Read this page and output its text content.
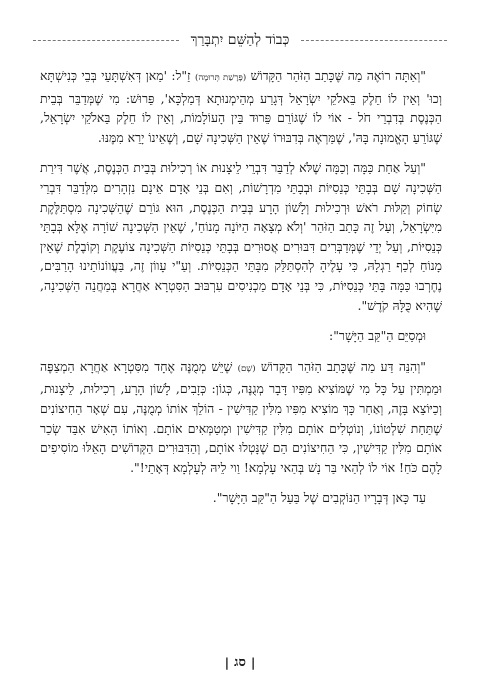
כְּבוֹד לְהַשֵּׁם יִתְבָּרַךְ

"וְאַתָּה רוֹאֶה מַה שֶּׁכָּתַב הַזֹּהַר הַקָּדוֹשׁ (פָּרָשַׁת תְּרוּמָה) זַ"ל: 'מַאן דְּאִשְׁתָּעֵי בְּבֵי כְּנִישְׁתָּא וְכוּ' וְאֵין לוֹ חֵלֶק בֵּאלֹקֵי יִשְׂרָאֵל דְּגָרַע מְהֵימְנוּתָא דְּמַלְכָּא', פֵּרוּשׁ: מִי שֶׁמְּדַבֵּר בְּבֵית הַכְּנֶסֶת בְּדִבְרֵי חֹל - אוֹי לוֹ שֶׁגּוֹרֵם פֵּרוּד בֵּין הָעוֹלָמוֹת, וְאֵין לוֹ חֵלֶק בֵּאלֹקֵי יִשְׂרָאֵל, שֶׁגּוֹרֵעַ הָאֱמוּנָה בָּהּ', שֶׁמַּרְאֶה בְּדִבּוּרוֹ שֶׁאֵין הַשְּׁכִינָה שָׁם, וְשֶׁאֵינוֹ יָרֵא מִמֶּנּוּ.

"וְעַל אַחַת כַּמָּה וְכַמָּה שֶׁלֹּא לְדַבֵּר דִּבְרֵי לֵיצָנוּת אוֹ רְכִילוּת בְּבֵית הַכְּנֶסֶת, אֲשֶׁר דִּירַת הַשְּׁכִינָה שָׁם בְּבָתֵּי כְּנֵסִיּוֹת וּבְבָתֵּי מִדְרָשׁוֹת, וְאִם בְּנֵי אָדָם אֵינָם נִזְהָרִים מִלְּדַבֵּר דִּבְרֵי שְׂחוֹק וְקַלּוּת רֹאשׁ וּרְכִילוּת וְלָשׁוֹן הָרָע בְּבֵית הַכְּנֶסֶת, הוּא גּוֹרֵם שֶׁהַשְּׁכִינָה מִסְתַּלֶּקֶת מִיִּשְׂרָאֵל, וְעַל זֶה כָּתַב הַזֹּהַר 'וְלֹא מְצָאָה הַיּוֹנָה מָנוֹחַ', שֶׁאֵין הַשְּׁכִינָה שׁוֹרָה אֶלָּא בְּבָתֵּי כְּנֵסִיּוֹת, וְעַל יְדֵי שֶׁמְּדַבְּרִים דִּבּוּרִים אֲסוּרִים בְּבָתֵּי כְּנֵסִיּוֹת הַשְּׁכִינָה צוֹעֶקֶת וְקוֹבֶלֶת שֶׁאֵין מָנוֹחַ לְכַף רַגְלָהּ, כִּי עָלֶיהָ לְהִסְתַּלֵּק מִבָּתֵּי הַכְּנֵסִיּוֹת. וְעַ"י עָווֹן זֶה, בַּעֲווֹנוֹתֵינוּ הָרַבִּים, נֶחֶרְבוּ כַּמָּה בָּתֵּי כְּנֵסִיּוֹת, כִּי בְּנֵי אָדָם מַכְנִיסִים עִרְבּוּב הַסִּטְרָא אַחֲרָא בְּמַחֲנֵה הַשְּׁכִינָה, שֶׁהִיא כֻּלָּהּ קֹדֶשׁ".

וּמְסַיֵּם הַ"קַּב הַיָּשָׁר":

"וְהִנֵּה דַּע מַה שֶּׁכָּתַב הַזֹּהַר הַקָּדוֹשׁ (שָׁם) שֶׁיֵּשׁ מְמֻנֶּה אֶחָד מִסִּטְרָא אַחֲרָא הַמְצַפֶּה וּמַמְתִּין עַל כָּל מִי שֶׁמּוֹצִיא מִפִּיו דָּבָר מְגֻנֶּה, כְּגוֹן: כְּזָבִים, לָשׁוֹן הָרָע, רְכִילוּת, לֵיצָנוּת, וְכַיּוֹצֵא בָּזֶה, וְאַחַר כָּךְ מוֹצִיא מִפִּיו מִלִּין קַדִּישִׁין - הוֹלֵךְ אוֹתוֹ מְמֻנֶּה, עִם שְׁאָר הַחִיצוֹנִים שֶׁתַּחַת שִׁלְטוֹנוֹ, וְנוֹטְלִים אוֹתָם מִלִּין קַדִּישִׁין וּמְטַמְּאִים אוֹתָם. וְאוֹתוֹ הָאִישׁ אִבֵּד שְׂכַר אוֹתָם מִלִּין קַדִּישִׁין, כִּי הַחִיצוֹנִים הֵם שֶׁנָּטְלוּ אוֹתָם, וְהַדִּבּוּרִים הַקְּדוֹשִׁים הָאֵלּוּ מוֹסִיפִים לָהֶם כֹּחַ! אוֹי לוֹ לְהַאי בַּר נָשׁ בְּהַאי עָלְמָא! וַוי לֵיהּ לְעָלְמָא דְּאָתֵי!".

עַד כָּאן דְּבָרָיו הַנּוֹקְבִים שֶׁל בַּעַל הַ"קַּב הַיָּשָׁר".

|
סג
|
